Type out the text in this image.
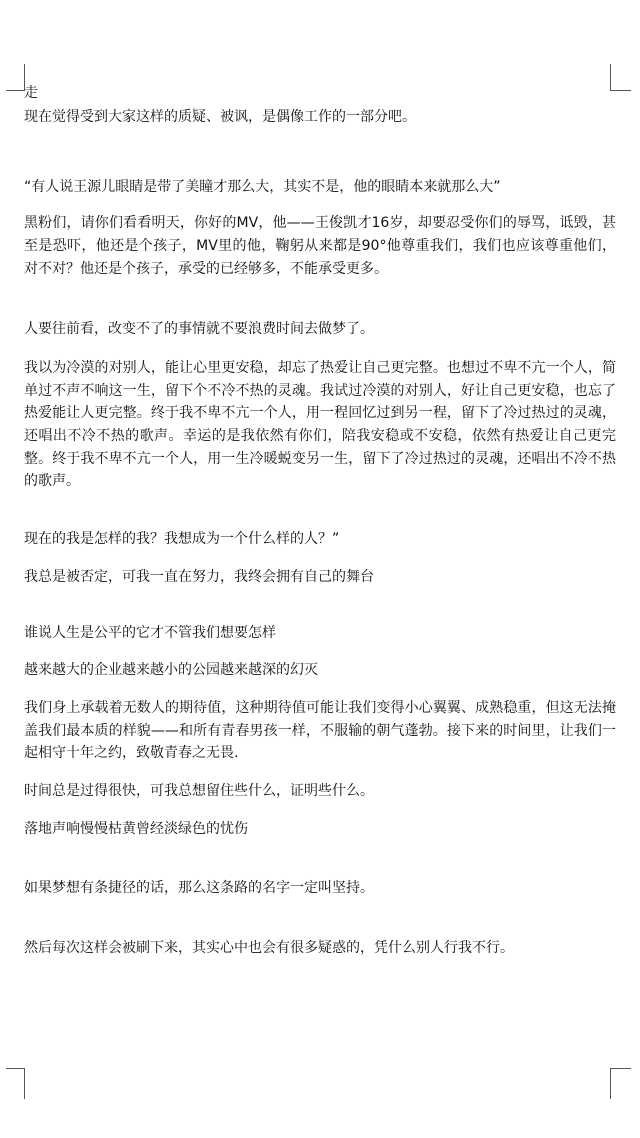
走

现在觉得受到大家这样的质疑、被讽，是偶像工作的一部分吧。

“有人说王源儿眼睛是带了美瞳才那么大，其实不是，他的眼睛本来就那么大”

黑粉们，请你们看看明天，你好的MV，他——王俊凯才16岁，却要忍受你们的辱骂，诋毁，甚至是恐吓，他还是个孩子，MV里的他，鞠躬从来都是90°他尊重我们，我们也应该尊重他们，对不对？他还是个孩子，承受的已经够多，不能承受更多。

人要往前看，改变不了的事情就不要浪费时间去做梦了。

我以为冷漠的对别人，能让心里更安稳，却忘了热爱让自己更完整。也想过不卑不亢一个人，简单过不声不响这一生，留下个不冷不热的灵魂。我试过冷漠的对别人，好让自己更安稳，也忘了热爱能让人更完整。终于我不卑不亢一个人，用一程回忆过到另一程，留下了冷过热过的灵魂，还唱出不冷不热的歌声。幸运的是我依然有你们，陪我安稳或不安稳，依然有热爱让自己更完整。终于我不卑不亢一个人，用一生冷暖蜕变另一生，留下了冷过热过的灵魂，还唱出不冷不热的歌声。

现在的我是怎样的我？我想成为一个什么样的人？”

我总是被否定，可我一直在努力，我终会拥有自己的舞台

谁说人生是公平的它才不管我们想要怎样

越来越大的企业越来越小的公园越来越深的幻灭

我们身上承载着无数人的期待值，这种期待值可能让我们变得小心翼翼、成熟稳重，但这无法掩盖我们最本质的样貌——和所有青春男孩一样，不服输的朝气蓬勃。接下来的时间里，让我们一起相守十年之约，致敬青春之无畏.

时间总是过得很快，可我总想留住些什么，证明些什么。

落地声响慢慢枯黄曾经淡绿色的忧伤

如果梦想有条捷径的话，那么这条路的名字一定叫坚持。

然后每次这样会被刷下来，其实心中也会有很多疑惑的，凭什么别人行我不行。
